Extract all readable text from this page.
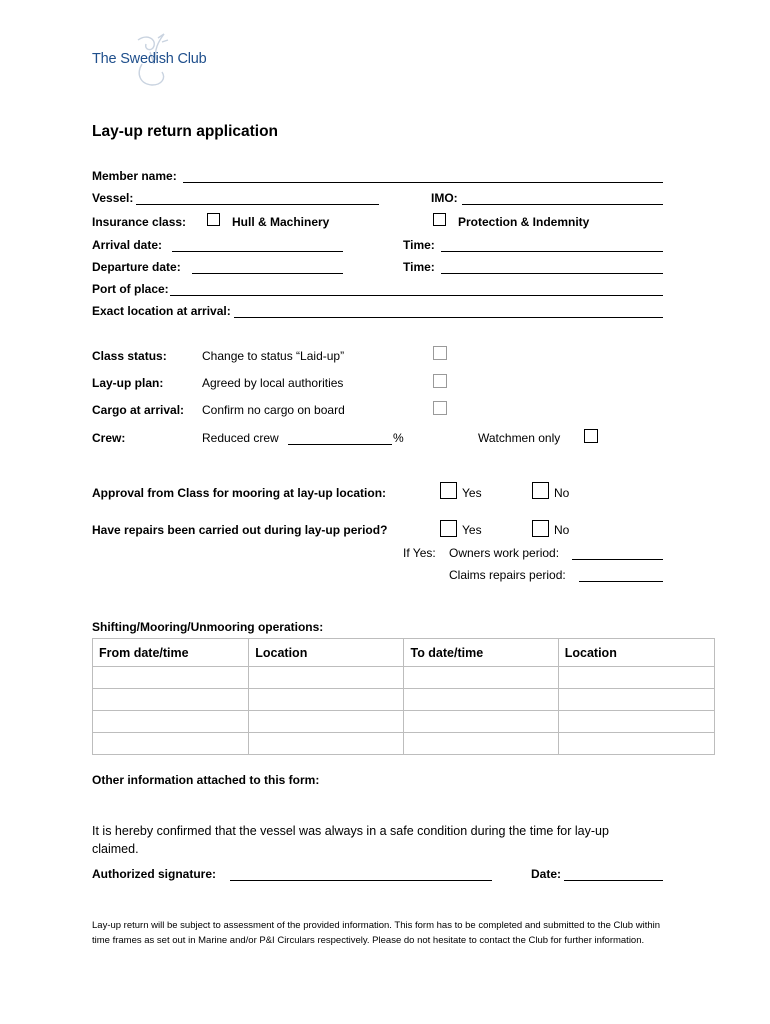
The Swedish Club
Lay-up return application
Member name:
Vessel:	IMO:
Insurance class:	Hull & Machinery	Protection & Indemnity
Arrival date:	Time:
Departure date:	Time:
Port of place:
Exact location at arrival:
Class status:	Change to status “Laid-up”
Lay-up plan:	Agreed by local authorities
Cargo at arrival: Confirm no cargo on board
Crew:	Reduced crew	%	Watchmen only
Approval from Class for mooring at lay-up location:	Yes	No
Have repairs been carried out during lay-up period?	Yes	No
If Yes: Owners work period:
Claims repairs period:
Shifting/Mooring/Unmooring operations:
From date/time	Location	To date/time	Location

Other information attached to this form:
It is hereby confirmed that the vessel was always in a safe condition during the time for lay-up claimed.
Authorized signature:	Date:
Lay-up return will be subject to assessment of the provided information. This form has to be completed and submitted to the Club within time frames as set out in Marine and/or P&I Circulars respectively. Please do not hesitate to contact the Club for further information.
